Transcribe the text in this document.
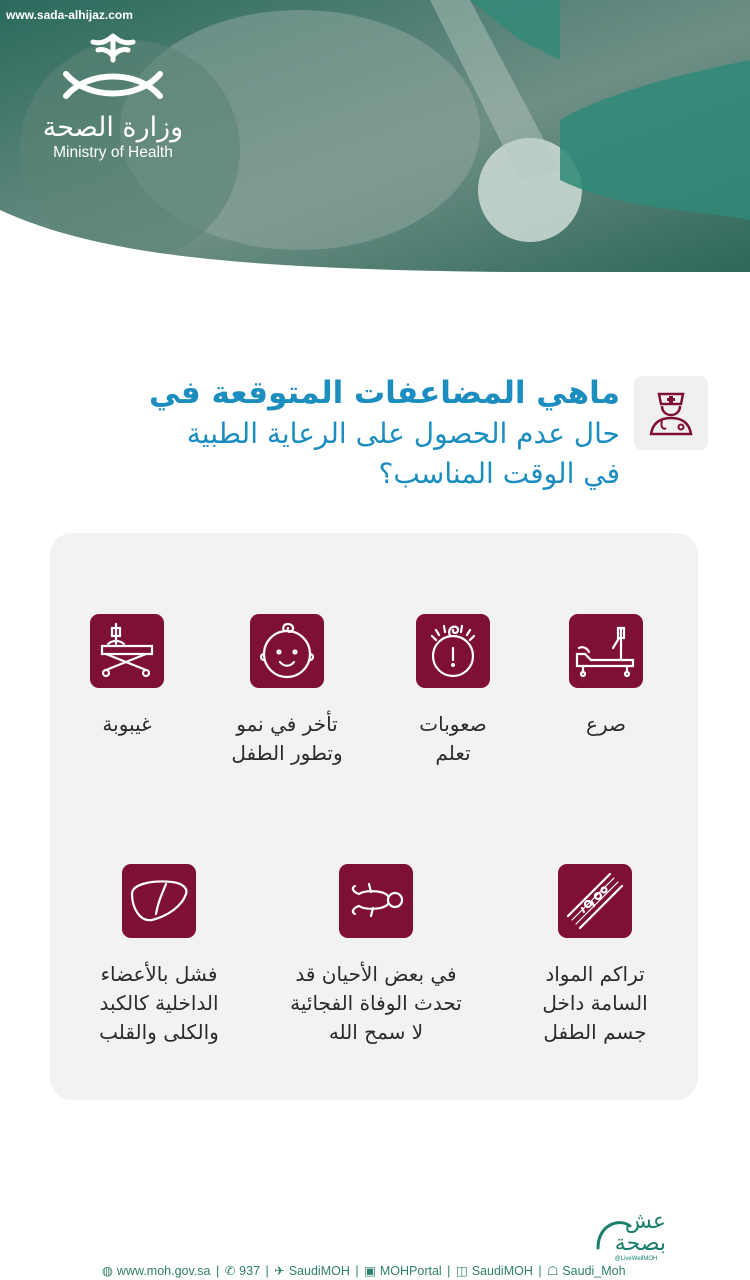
www.sada-alhijaz.com
وزارة الصحة
Ministry of Health
ماهي المضاعفات المتوقعة في
حال عدم الحصول على الرعاية الطبية
في الوقت المناسب؟
صرع
صعوبات
تعلم
تأخر في نمو
وتطور الطفل
غيبوبة
تراكم المواد
السامة داخل
جسم الطفل
في بعض الأحيان قد
تحدث الوفاة الفجائية
لا سمح الله
فشل بالأعضاء
الداخلية كالكبد
والكلى والقلب
عش
بصحة
@LiveWellMOH
◍ www.moh.gov.sa | ✆ 937 | ✈ SaudiMOH | ▣ MOHPortal | ◫ SaudiMOH | ☖ Saudi_Moh
